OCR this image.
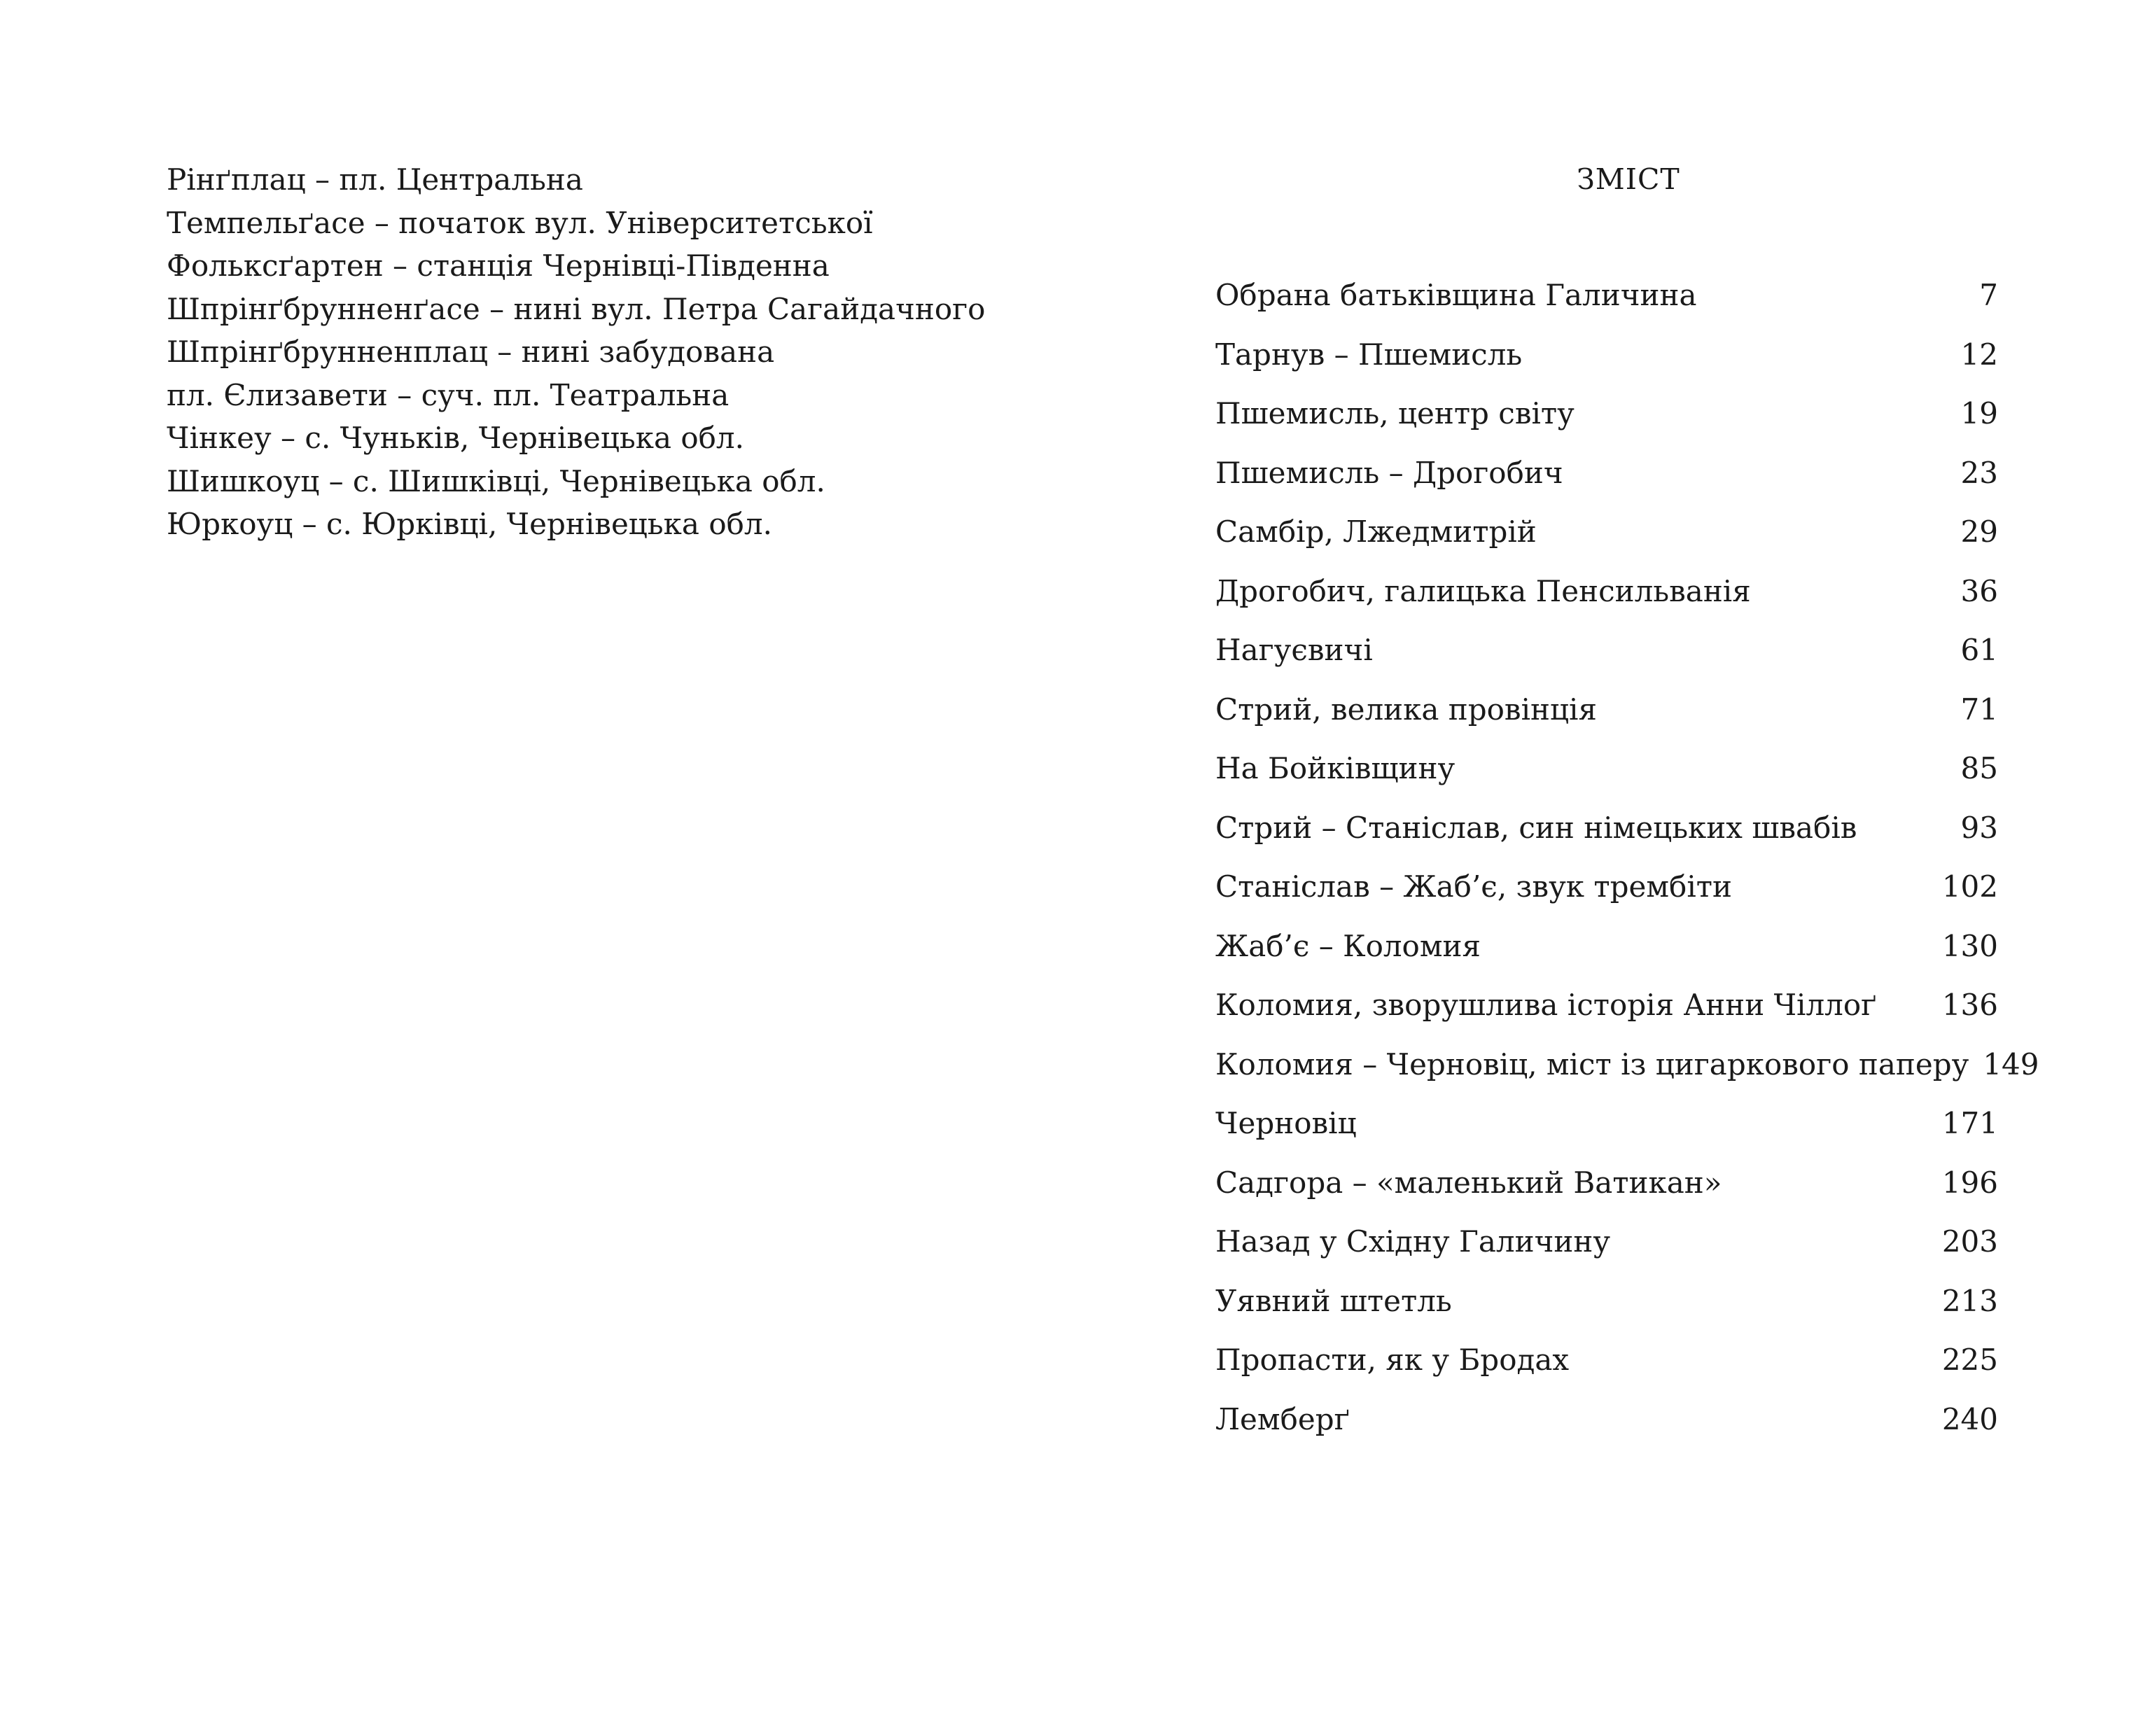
Рінґплац – пл. Центральна
Темпельґасе – початок вул. Університетської
Фольксґартен – станція Чернівці-Південна
Шпрінґбрунненґасе – нині вул. Петра Сагайдачного
Шпрінґбрунненплац – нині забудована
пл. Єлизавети – суч. пл. Театральна
Чінкеу – с. Чуньків, Чернівецька обл.
Шишкоуц – с. Шишківці, Чернівецька обл.
Юркоуц – с. Юрківці, Чернівецька обл.
ЗМІСТ
Обрана батьківщина Галичина	7
Тарнув – Пшемисль	12
Пшемисль, центр світу	19
Пшемисль – Дрогобич	23
Самбір, Лжедмитрій	29
Дрогобич, галицька Пенсильванія	36
Нагуєвичі	61
Стрий, велика провінція	71
На Бойківщину	85
Стрий – Станіслав, син німецьких швабів	93
Станіслав – Жаб’є, звук трембіти	102
Жаб’є – Коломия	130
Коломия, зворушлива історія Анни Чіллоґ	136
Коломия – Черновіц, міст із цигаркового паперу 149
Черновіц	171
Садгора – «маленький Ватикан»	196
Назад у Східну Галичину	203
Уявний штетль	213
Пропасти, як у Бродах	225
Лемберґ	240
